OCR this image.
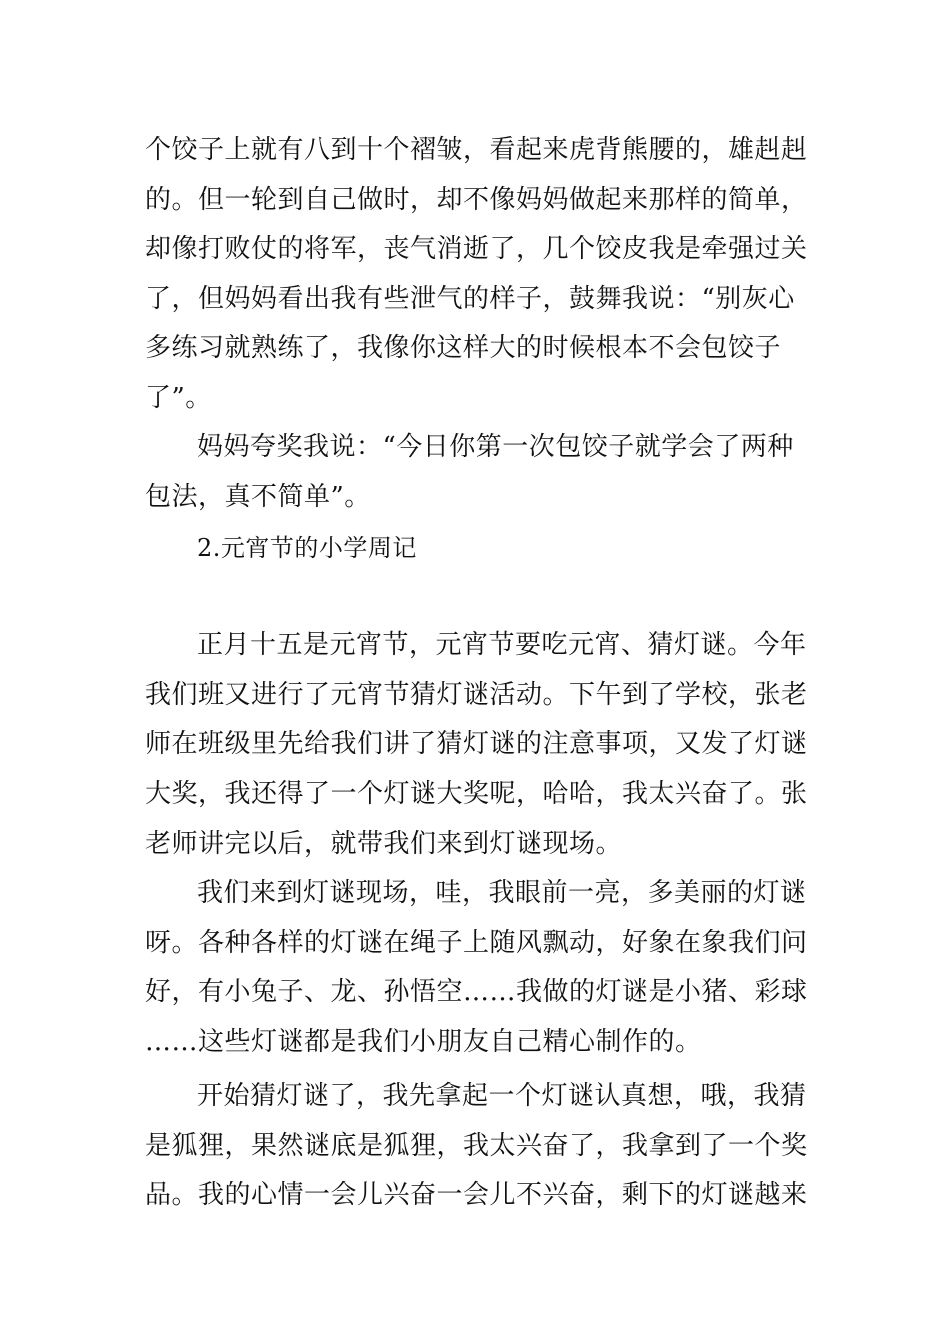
个饺子上就有八到十个褶皱，看起来虎背熊腰的，雄赳赳
的。但一轮到自己做时，却不像妈妈做起来那样的简单，
却像打败仗的将军，丧气消逝了，几个饺皮我是牵强过关
了，但妈妈看出我有些泄气的样子，鼓舞我说：“别灰心
多练习就熟练了，我像你这样大的时候根本不会包饺子
了”。
妈妈夸奖我说：“今日你第一次包饺子就学会了两种
包法，真不简单”。
2.元宵节的小学周记
正月十五是元宵节，元宵节要吃元宵、猜灯谜。今年
我们班又进行了元宵节猜灯谜活动。下午到了学校，张老
师在班级里先给我们讲了猜灯谜的注意事项，又发了灯谜
大奖，我还得了一个灯谜大奖呢，哈哈，我太兴奋了。张
老师讲完以后，就带我们来到灯谜现场。
我们来到灯谜现场，哇，我眼前一亮，多美丽的灯谜
呀。各种各样的灯谜在绳子上随风飘动，好象在象我们问
好，有小兔子、龙、孙悟空……我做的灯谜是小猪、彩球
……这些灯谜都是我们小朋友自己精心制作的。
开始猜灯谜了，我先拿起一个灯谜认真想，哦，我猜
是狐狸，果然谜底是狐狸，我太兴奋了，我拿到了一个奖
品。我的心情一会儿兴奋一会儿不兴奋，剩下的灯谜越来
